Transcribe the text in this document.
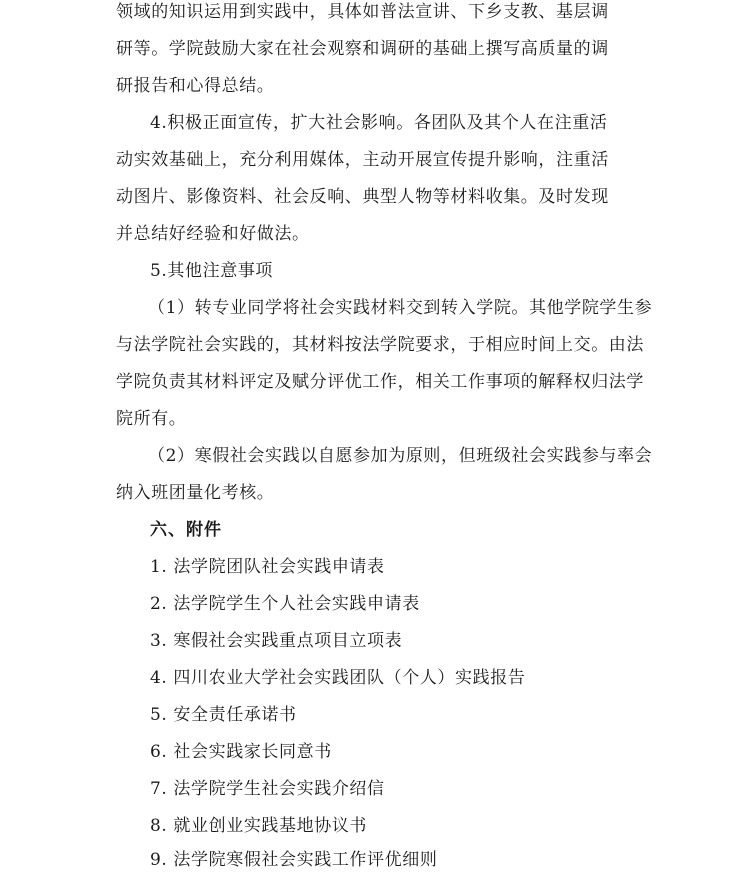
领域的知识运用到实践中，具体如普法宣讲、下乡支教、基层调
研等。学院鼓励大家在社会观察和调研的基础上撰写高质量的调
研报告和心得总结。
4.积极正面宣传，扩大社会影响。各团队及其个人在注重活
动实效基础上，充分利用媒体，主动开展宣传提升影响，注重活
动图片、影像资料、社会反响、典型人物等材料收集。及时发现
并总结好经验和好做法。
5.其他注意事项
（1）转专业同学将社会实践材料交到转入学院。其他学院学生参
与法学院社会实践的，其材料按法学院要求，于相应时间上交。由法
学院负责其材料评定及赋分评优工作，相关工作事项的解释权归法学
院所有。
（2）寒假社会实践以自愿参加为原则，但班级社会实践参与率会
纳入班团量化考核。
六、附件
1. 法学院团队社会实践申请表
2. 法学院学生个人社会实践申请表
3. 寒假社会实践重点项目立项表
4. 四川农业大学社会实践团队（个人）实践报告
5. 安全责任承诺书
6. 社会实践家长同意书
7. 法学院学生社会实践介绍信
8. 就业创业实践基地协议书
9. 法学院寒假社会实践工作评优细则
